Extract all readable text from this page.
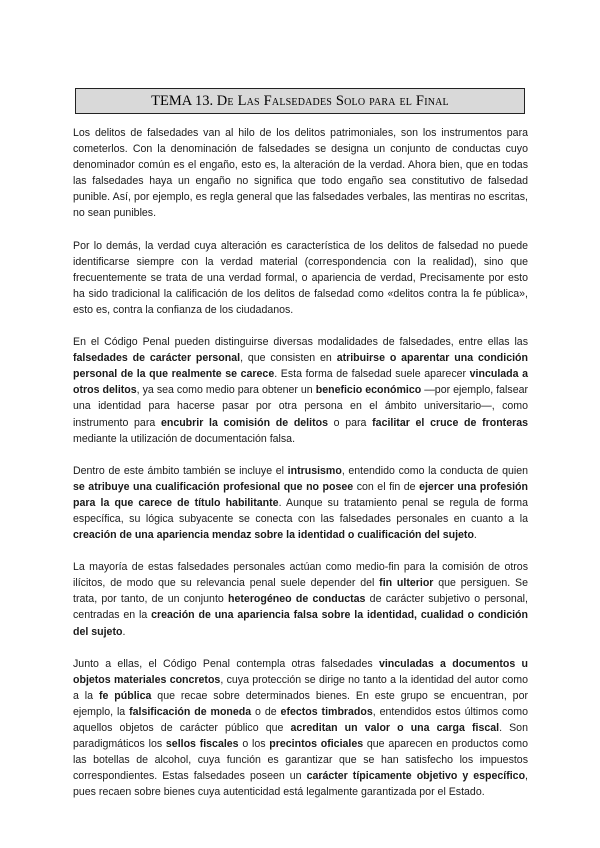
TEMA 13. De Las Falsedades Solo para el Final

Los delitos de falsedades van al hilo de los delitos patrimoniales, son los instrumentos para cometerlos. Con la denominación de falsedades se designa un conjunto de conductas cuyo denominador común es el engaño, esto es, la alteración de la verdad. Ahora bien, que en todas las falsedades haya un engaño no significa que todo engaño sea constitutivo de falsedad punible. Así, por ejemplo, es regla general que las falsedades verbales, las mentiras no escritas, no sean punibles.

Por lo demás, la verdad cuya alteración es característica de los delitos de falsedad no puede identificarse siempre con la verdad material (correspondencia con la realidad), sino que frecuentemente se trata de una verdad formal, o apariencia de verdad, Precisamente por esto ha sido tradicional la calificación de los delitos de falsedad como «delitos contra la fe pública», esto es, contra la confianza de los ciudadanos.

En el Código Penal pueden distinguirse diversas modalidades de falsedades, entre ellas las falsedades de carácter personal, que consisten en atribuirse o aparentar una condición personal de la que realmente se carece. Esta forma de falsedad suele aparecer vinculada a otros delitos, ya sea como medio para obtener un beneficio económico —por ejemplo, falsear una identidad para hacerse pasar por otra persona en el ámbito universitario—, como instrumento para encubrir la comisión de delitos o para facilitar el cruce de fronteras mediante la utilización de documentación falsa.

Dentro de este ámbito también se incluye el intrusismo, entendido como la conducta de quien se atribuye una cualificación profesional que no posee con el fin de ejercer una profesión para la que carece de título habilitante. Aunque su tratamiento penal se regula de forma específica, su lógica subyacente se conecta con las falsedades personales en cuanto a la creación de una apariencia mendaz sobre la identidad o cualificación del sujeto.

La mayoría de estas falsedades personales actúan como medio-fin para la comisión de otros ilícitos, de modo que su relevancia penal suele depender del fin ulterior que persiguen. Se trata, por tanto, de un conjunto heterogéneo de conductas de carácter subjetivo o personal, centradas en la creación de una apariencia falsa sobre la identidad, cualidad o condición del sujeto.

Junto a ellas, el Código Penal contempla otras falsedades vinculadas a documentos u objetos materiales concretos, cuya protección se dirige no tanto a la identidad del autor como a la fe pública que recae sobre determinados bienes. En este grupo se encuentran, por ejemplo, la falsificación de moneda o de efectos timbrados, entendidos estos últimos como aquellos objetos de carácter público que acreditan un valor o una carga fiscal. Son paradigmáticos los sellos fiscales o los precintos oficiales que aparecen en productos como las botellas de alcohol, cuya función es garantizar que se han satisfecho los impuestos correspondientes. Estas falsedades poseen un carácter típicamente objetivo y específico, pues recaen sobre bienes cuya autenticidad está legalmente garantizada por el Estado.
